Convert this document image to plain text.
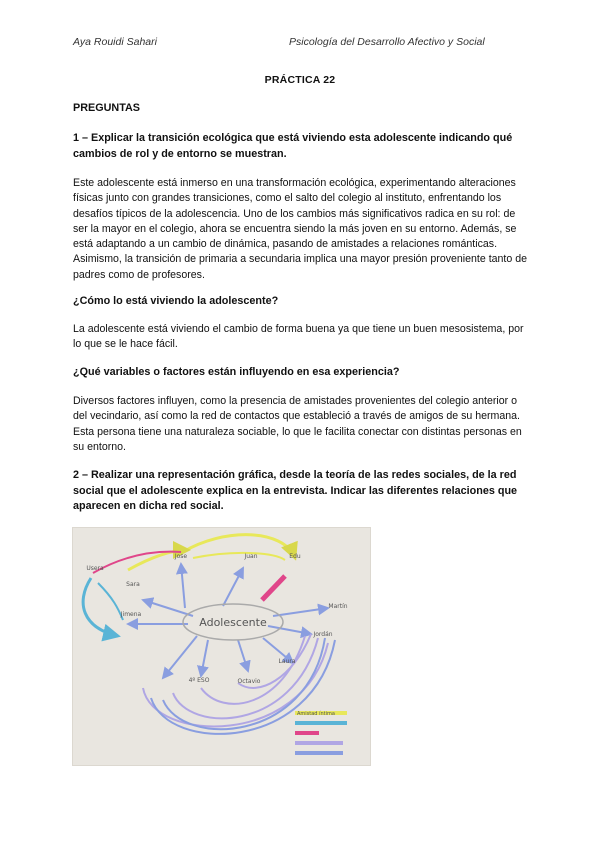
Aya Rouidi Sahari	Psicología del Desarrollo Afectivo y Social
PRÁCTICA 22
PREGUNTAS
1 – Explicar la transición ecológica que está viviendo esta adolescente indicando qué cambios de rol y de entorno se muestran.
Este adolescente está inmerso en una transformación ecológica, experimentando alteraciones físicas junto con grandes transiciones, como el salto del colegio al instituto, enfrentando los desafíos típicos de la adolescencia. Uno de los cambios más significativos radica en su rol: de ser la mayor en el colegio, ahora se encuentra siendo la más joven en su entorno. Además, se está adaptando a un cambio de dinámica, pasando de amistades a relaciones románticas. Asimismo, la transición de primaria a secundaria implica una mayor presión proveniente tanto de padres como de profesores.
¿Cómo lo está viviendo la adolescente?
La adolescente está viviendo el cambio de forma buena ya que tiene un buen mesosistema, por lo que se le hace fácil.
¿Qué variables o factores están influyendo en esa experiencia?
Diversos factores influyen, como la presencia de amistades provenientes del colegio anterior o del vecindario, así como la red de contactos que estableció a través de amigos de su hermana. Esta persona tiene una naturaleza sociable, lo que le facilita conectar con distintas personas en su entorno.
2 – Realizar una representación gráfica, desde la teoría de las redes sociales, de la red social que el adolescente explica en la entrevista. Indicar las diferentes relaciones que aparecen en dicha red social.
Adolescente
Jose	Juan	Edu
Usera
Sara
Jimena
Martín
Jordán
Laura
4º ESO	Octavio
Amistad íntima
